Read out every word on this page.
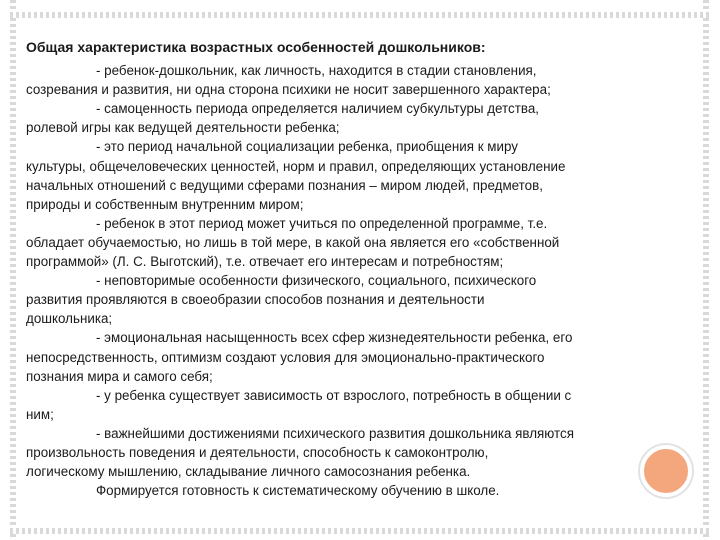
Общая характеристика возрастных особенностей дошкольников:
- ребенок-дошкольник, как личность, находится в стадии становления,
созревания и развития, ни одна сторона психики не носит завершенного характера;
- самоценность периода определяется наличием субкультуры детства,
ролевой игры как ведущей деятельности ребенка;
- это период начальной социализации ребенка, приобщения к миру
культуры, общечеловеческих ценностей, норм и правил, определяющих установление
начальных отношений с ведущими сферами познания – миром людей, предметов,
природы и собственным внутренним миром;
- ребенок в этот период может учиться по определенной программе, т.е.
обладает обучаемостью, но лишь в той мере, в какой она является его «собственной
программой» (Л. С. Выготский), т.е. отвечает его интересам и потребностям;
- неповторимые особенности физического, социального, психического
развития проявляются в своеобразии способов познания и деятельности
дошкольника;
- эмоциональная насыщенность всех сфер жизнедеятельности ребенка, его
непосредственность, оптимизм создают условия для эмоционально-практического
познания мира и самого себя;
- у ребенка существует зависимость от взрослого, потребность в общении с
ним;
- важнейшими достижениями психического развития дошкольника являются
произвольность поведения и деятельности, способность к самоконтролю,
логическому мышлению, складывание личного самосознания ребенка.
Формируется готовность к систематическому обучению в школе.
